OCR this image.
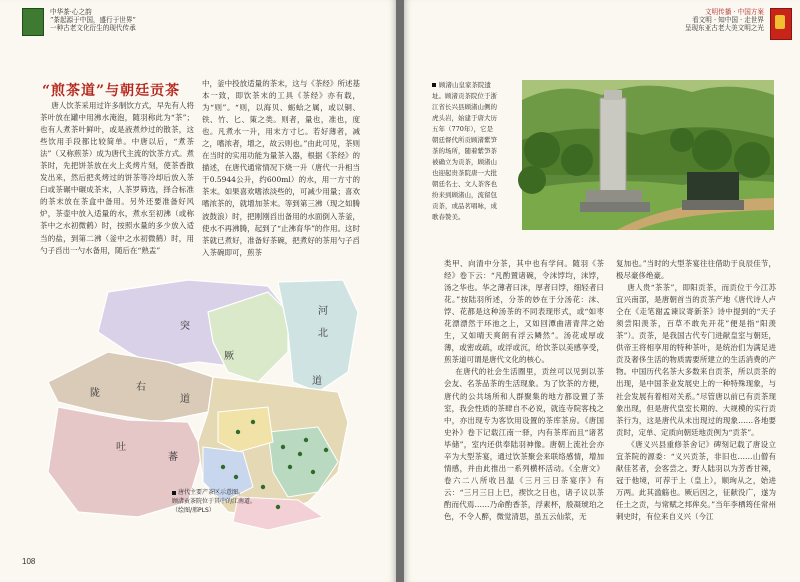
中华茶·心之韵
“茶起源于中国，盛行于世界”
一种古老文化衍生的现代传承
“煎茶道”与朝廷贡茶

唐人饮茶采用过许多制饮方式，早先有人将茶叶放在罐中用沸水淹泡，随羽称此为“茶”；也有人煮茶叶鲜叶，或是液煮炒过的散茶，这些饮用手段都比较简单。中唐以后，“煮茶法”（又称煎茶）成为唐代主流的饮茶方式。煮茶时，先把饼茶放在火上炙烤片刻，使茶香散发出来，然后把炙烤过的饼茶等冷却后放入茶臼或茶碾中碾成茶末，人茶罗筛选，择合标准的茶末放在茶盒中备用。另外还要准备好风炉，茶壶中放入适量的水，煮水至初沸（或称茶中之水初微鹤）时，按照水量的多少放入适当的盐，到第二沸（釜中之水初微鹤）时，用勺子舀出一勺水备用，随后在“熟盂”

中，釜中投放适量的茶末，这与《茶经》所述基本一致，即饮茶末的工具《茶经》亦有载，为“则”。“则，以海贝、蛎蛤之属，或以铜、铁、竹、匕、策之类。则者，量也，准也，度也。凡煮水一升，用末方寸匕。若好薄者，减之，嗜浓者，增之，故云则也。”由此可见，茶则在当时的实用功能为量茶入器，根据《茶经》的描述，在唐代通常情况下烧一升（唐代一升相当于0.5944公升，约600ml）的水，用一方寸的茶末。如果喜欢嗜浓淡些的，可减少用量；喜欢嗜浓茶的，就增加茶末。等到第三沸（现之如腾波鼓浪）时，把刚刚舀出备用的水面倒入茶釜，使水不再沸腾，起到了“止沸育华”的作用。这时茶就已煮好，准备好茶碗，把煮好的茶用勺子舀入茶碗即可，煎茶

突
厥
河
北
道
陇
右
道
吐
蕃
唐代主要产茶区示意图。
顾渚贡茶院位于其中的江南道。
（绘图/邢PLS）
108
文明传播 · 中国方案
看文明 · 知中国 · 走世界
呈现东亚古老大美文明之光
顾渚山皇家茶院遗址。顾渚贡茶院位于浙江省长兴县顾渚山侧的虎头岩，始建于唐大历五年（770年），它是朝廷督代所贡顾渚紫笋茶的场所，随着紫笋茶被确立为贡茶，顾渚山也迎起贵茶院唐一大批朝廷名士、文人茶客也纷来到顾渚山，流留包贡茶，或品茗唱咏，成歌春赞美。

类甲、向清中分茶，其中也有学问。随羽《茶经》卷下云：“凡酌置诸碗，令沫饽均，沫饽，汤之华也。华之薄者曰沫，厚者曰饽，细轻者曰花。”按陆羽所述，分茶的妙在于分汤花：沫、饽、花都是这种汤茶的不同表现形式，或“如枣花漂漂然于环池之上，又如回潭曲渚青萍之始生，又如晴天爽朗有浮云鳞然”。汤花或厚或薄，或密或疏，或浮或沉，给饮茶以美感享受，煎茶道可谓是唐代文化的核心。

在唐代的社会生活圈里，贡丝可以见到以茶会友、名茶品茶的生活现象。为了饮茶的方便，唐代的公共场所和人群聚集的地方都设置了茶室，我会性质的茶肆自不必说，就连寺院客栈之中，亦出现专为客饮用设置的茶库茶房。《唐国史补》卷下记载江南一驿，内有茶库而且“诸茗毕储”，室内还供奉陆羽神像。唐朝上流社会亦辛为大型茶宴，通过饮茶聚会来联络感情，增加情感，并由此推出一系列横杯活动。《全唐文》卷六二八所收吕温《三月三日茶宴序》有云：“三月三日上巳，禊饮之日也，诸子议以茶酌而代焉……乃命酌香茶，浮素杯，殷凝琥珀之色，不令人醉，微觉清思，虽五云仙浆，无

复加也。”当时的大型茶宴往往借助于良辰佳节，极尽豪侈绝豪。

唐人贵“茶茶”，即阳贡茶，而贡位于今江苏宜兴南部，是唐朝首当的贡茶产地《唐代诗人卢仝在《走笔谢孟谏议寄新茶》诗中提到的“天子须尝阳羡茶，百草不敢先开花”便是指“阳羡茶”）。贡茶，是我国古代专门进献皇室与朝廷，供帝王将相享用的特种茶叶，是统治们为满足进贡及奢侈生活的物质需要所建立的生活消费的产物。中国历代名茶大多数来自贡茶，所以贡茶的出现，是中国茶业发展史上的一种特殊现象，与社会发展有着相对关系。”尽管唐以前已有贡茶现象出现，但是唐代皇室长期的、大规模的实行贡茶行为，这是唐代从未出现过的现象……各地要贡时，定单、定质向朝廷地贡例为“贡茶”。

《唐义兴县重修茶舍记》碑刻记载了唐设立宜茶院的源委：“义兴贡茶，非旧也……山僧有献佳茗者，会客尝之。野人陆羽以为芳香甘辣，冠于他境，可荐于上（皇上），顺珣从之，始进万两。此其滥觞也。厥后因之，征献没广，遂为任土之贡，与常赋之邦侔矣。”当年李栖筠任常州刺史时，有位来自义兴（今江
